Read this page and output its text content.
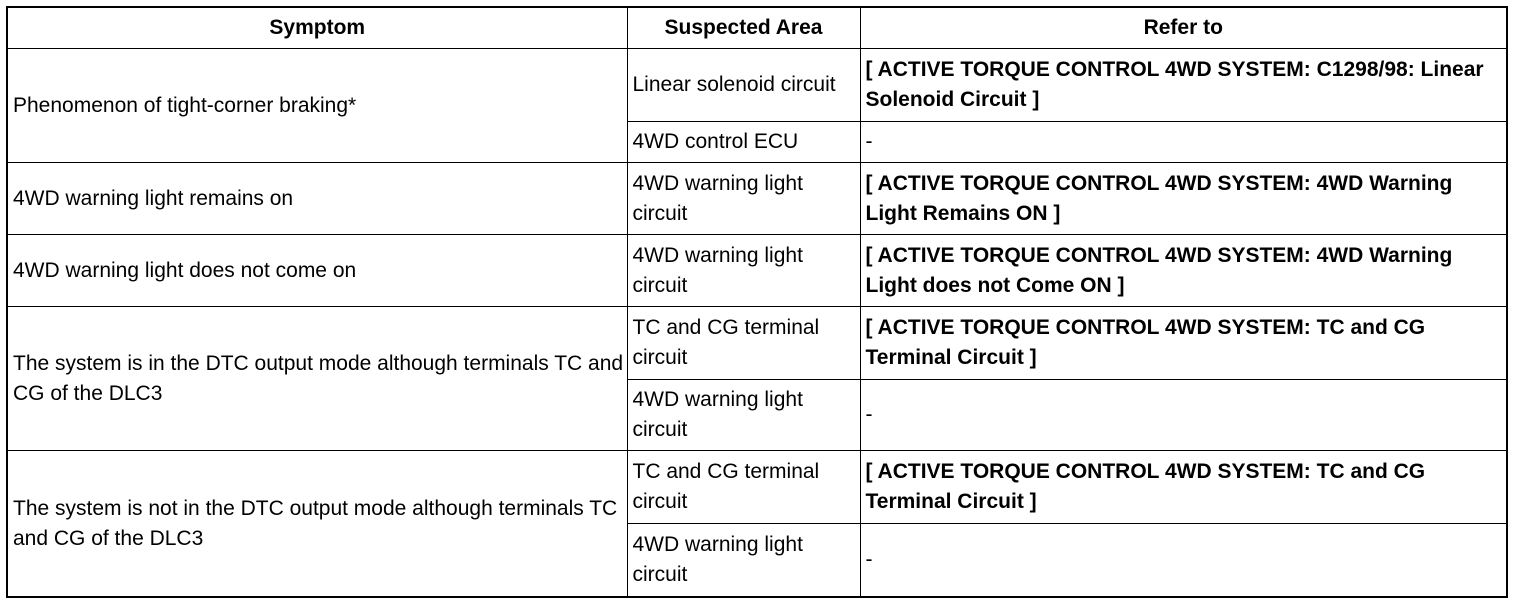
Symptom	Suspected Area	Refer to
Phenomenon of tight-corner braking*	Linear solenoid circuit	[ ACTIVE TORQUE CONTROL 4WD SYSTEM: C1298/98: Linear Solenoid Circuit ]
	4WD control ECU	-
4WD warning light remains on	4WD warning light circuit	[ ACTIVE TORQUE CONTROL 4WD SYSTEM: 4WD Warning Light Remains ON ]
4WD warning light does not come on	4WD warning light circuit	[ ACTIVE TORQUE CONTROL 4WD SYSTEM: 4WD Warning Light does not Come ON ]
The system is in the DTC output mode although terminals TC and CG of the DLC3	TC and CG terminal circuit	[ ACTIVE TORQUE CONTROL 4WD SYSTEM: TC and CG Terminal Circuit ]
	4WD warning light circuit	-
The system is not in the DTC output mode although terminals TC and CG of the DLC3	TC and CG terminal circuit	[ ACTIVE TORQUE CONTROL 4WD SYSTEM: TC and CG Terminal Circuit ]
	4WD warning light circuit	-
